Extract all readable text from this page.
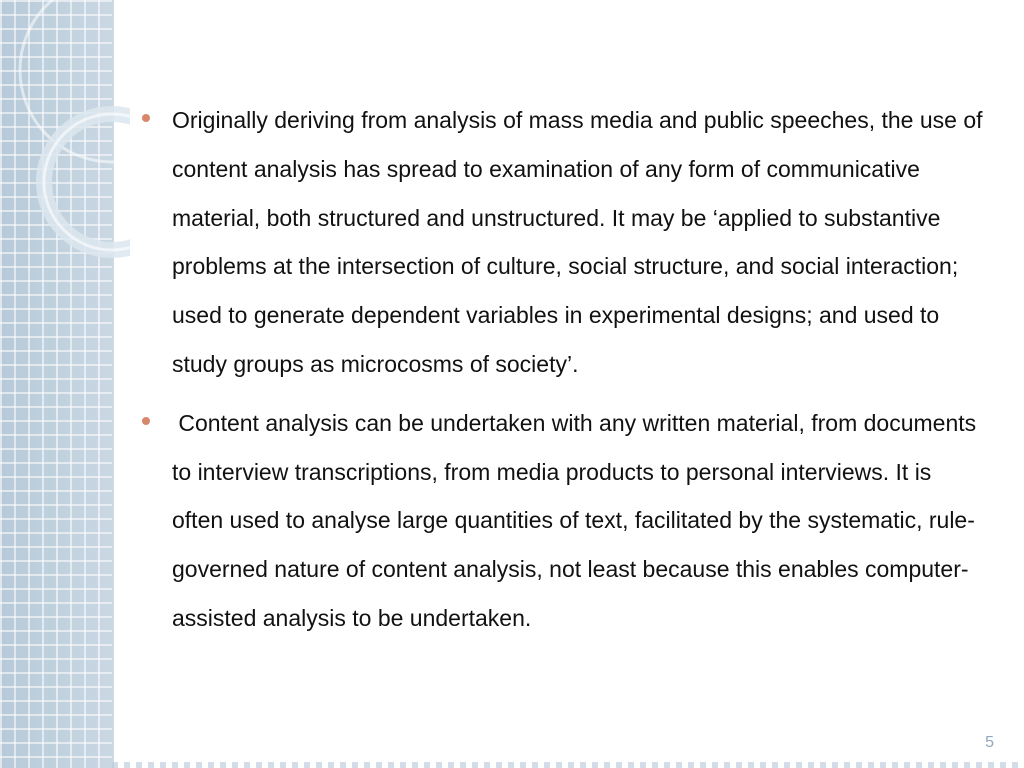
Originally deriving from analysis of mass media and public speeches, the use of content analysis has spread to examination of any form of communicative material, both structured and unstructured. It may be ‘applied to substantive problems at the intersection of culture, social structure, and social interaction; used to generate dependent variables in experimental designs; and used to study groups as microcosms of society’.
Content analysis can be undertaken with any written material, from documents to interview transcriptions, from media products to personal interviews. It is often used to analyse large quantities of text, facilitated by the systematic, rule-governed nature of content analysis, not least because this enables computer-assisted analysis to be undertaken.
5
